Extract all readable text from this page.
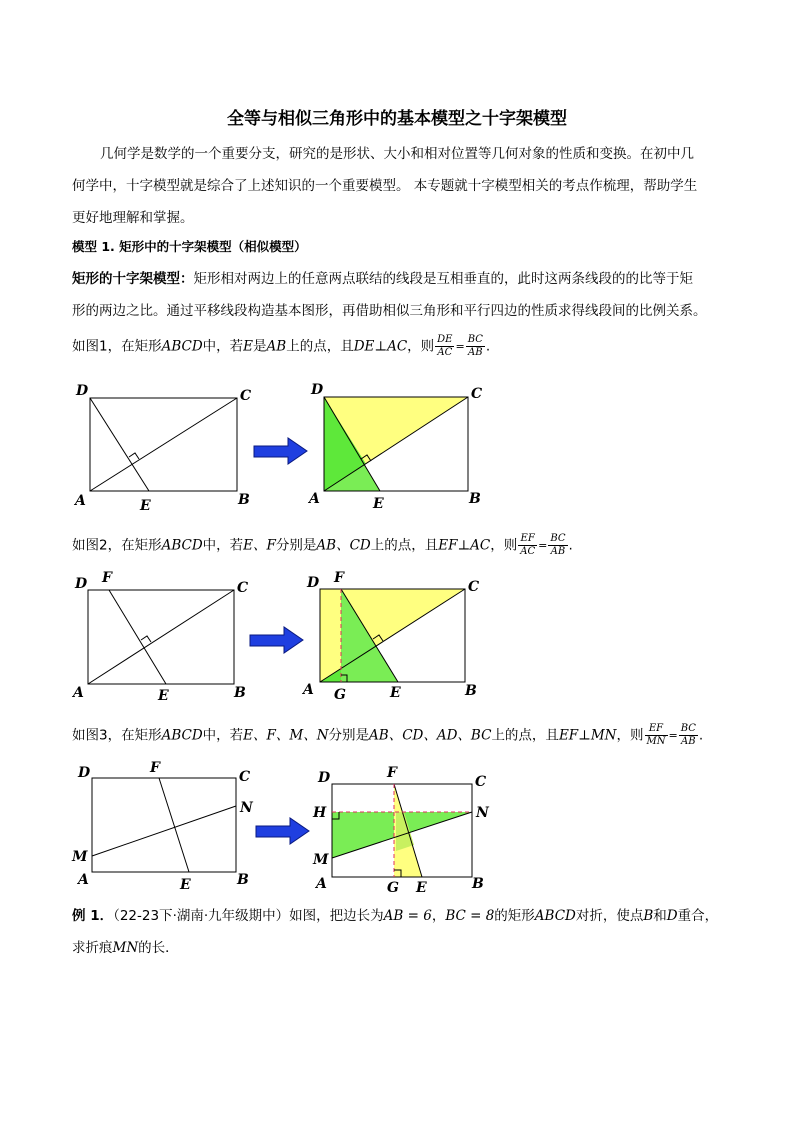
全等与相似三角形中的基本模型之十字架模型
几何学是数学的一个重要分支，研究的是形状、大小和相对位置等几何对象的性质和变换。在初中几
何学中，十字模型就是综合了上述知识的一个重要模型。 本专题就十字模型相关的考点作梳理，帮助学生
更好地理解和掌握。
模型 1. 矩形中的十字架模型（相似模型）
矩形的十字架模型：矩形相对两边上的任意两点联结的线段是互相垂直的，此时这两条线段的的比等于矩
形的两边之比。通过平移线段构造基本图形，再借助相似三角形和平行四边的性质求得线段间的比例关系。
如图1，在矩形ABCD中，若E是AB上的点，且DE⊥AC，则 $\frac{DE}{AC} = \frac{BC}{AB}$ .
D	C
A	E	B
D	C
A	E	B
如图2，在矩形ABCD中，若E、F分别是AB、CD上的点，且EF⊥AC，则 $\frac{EF}{AC} = \frac{BC}{AB}$ .
D F
C
A	E	B
D F
C
A G	E	B
如图3，在矩形ABCD中，若E、F、M、N分别是AB、CD、AD、BC上的点，且EF⊥MN，则 $\frac{EF}{MN} = \frac{BC}{AB}$ .
D	F
C
N
M
A	E	B
D	F
C
H	N
M
A	G E	B
例 1．（22-23下·湖南·九年级期中）如图，把边长为AB = 6，BC = 8的矩形ABCD对折，使点B和D重合，
求折痕MN的长．
